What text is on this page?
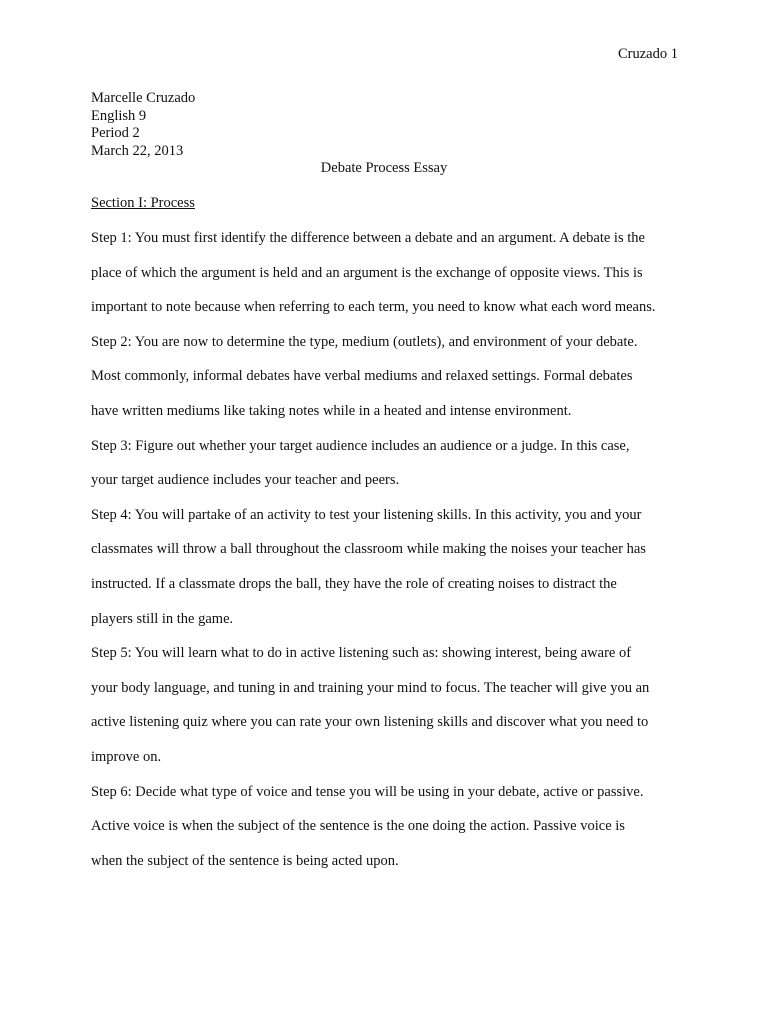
Cruzado 1
Marcelle Cruzado
English 9
Period 2
March 22, 2013
Debate Process Essay
Section I: Process
Step 1: You must first identify the difference between a debate and an argument. A debate is the
place of which the argument is held and an argument is the exchange of opposite views. This is
important to note because when referring to each term, you need to know what each word means.
Step 2: You are now to determine the type, medium (outlets), and environment of your debate.
Most commonly, informal debates have verbal mediums and relaxed settings. Formal debates
have written mediums like taking notes while in a heated and intense environment.
Step 3: Figure out whether your target audience includes an audience or a judge. In this case,
your target audience includes your teacher and peers.
Step 4: You will partake of an activity to test your listening skills. In this activity, you and your
classmates will throw a ball throughout the classroom while making the noises your teacher has
instructed. If a classmate drops the ball, they have the role of creating noises to distract the
players still in the game.
Step 5: You will learn what to do in active listening such as: showing interest, being aware of
your body language, and tuning in and training your mind to focus. The teacher will give you an
active listening quiz where you can rate your own listening skills and discover what you need to
improve on.
Step 6: Decide what type of voice and tense you will be using in your debate, active or passive.
Active voice is when the subject of the sentence is the one doing the action. Passive voice is
when the subject of the sentence is being acted upon.
